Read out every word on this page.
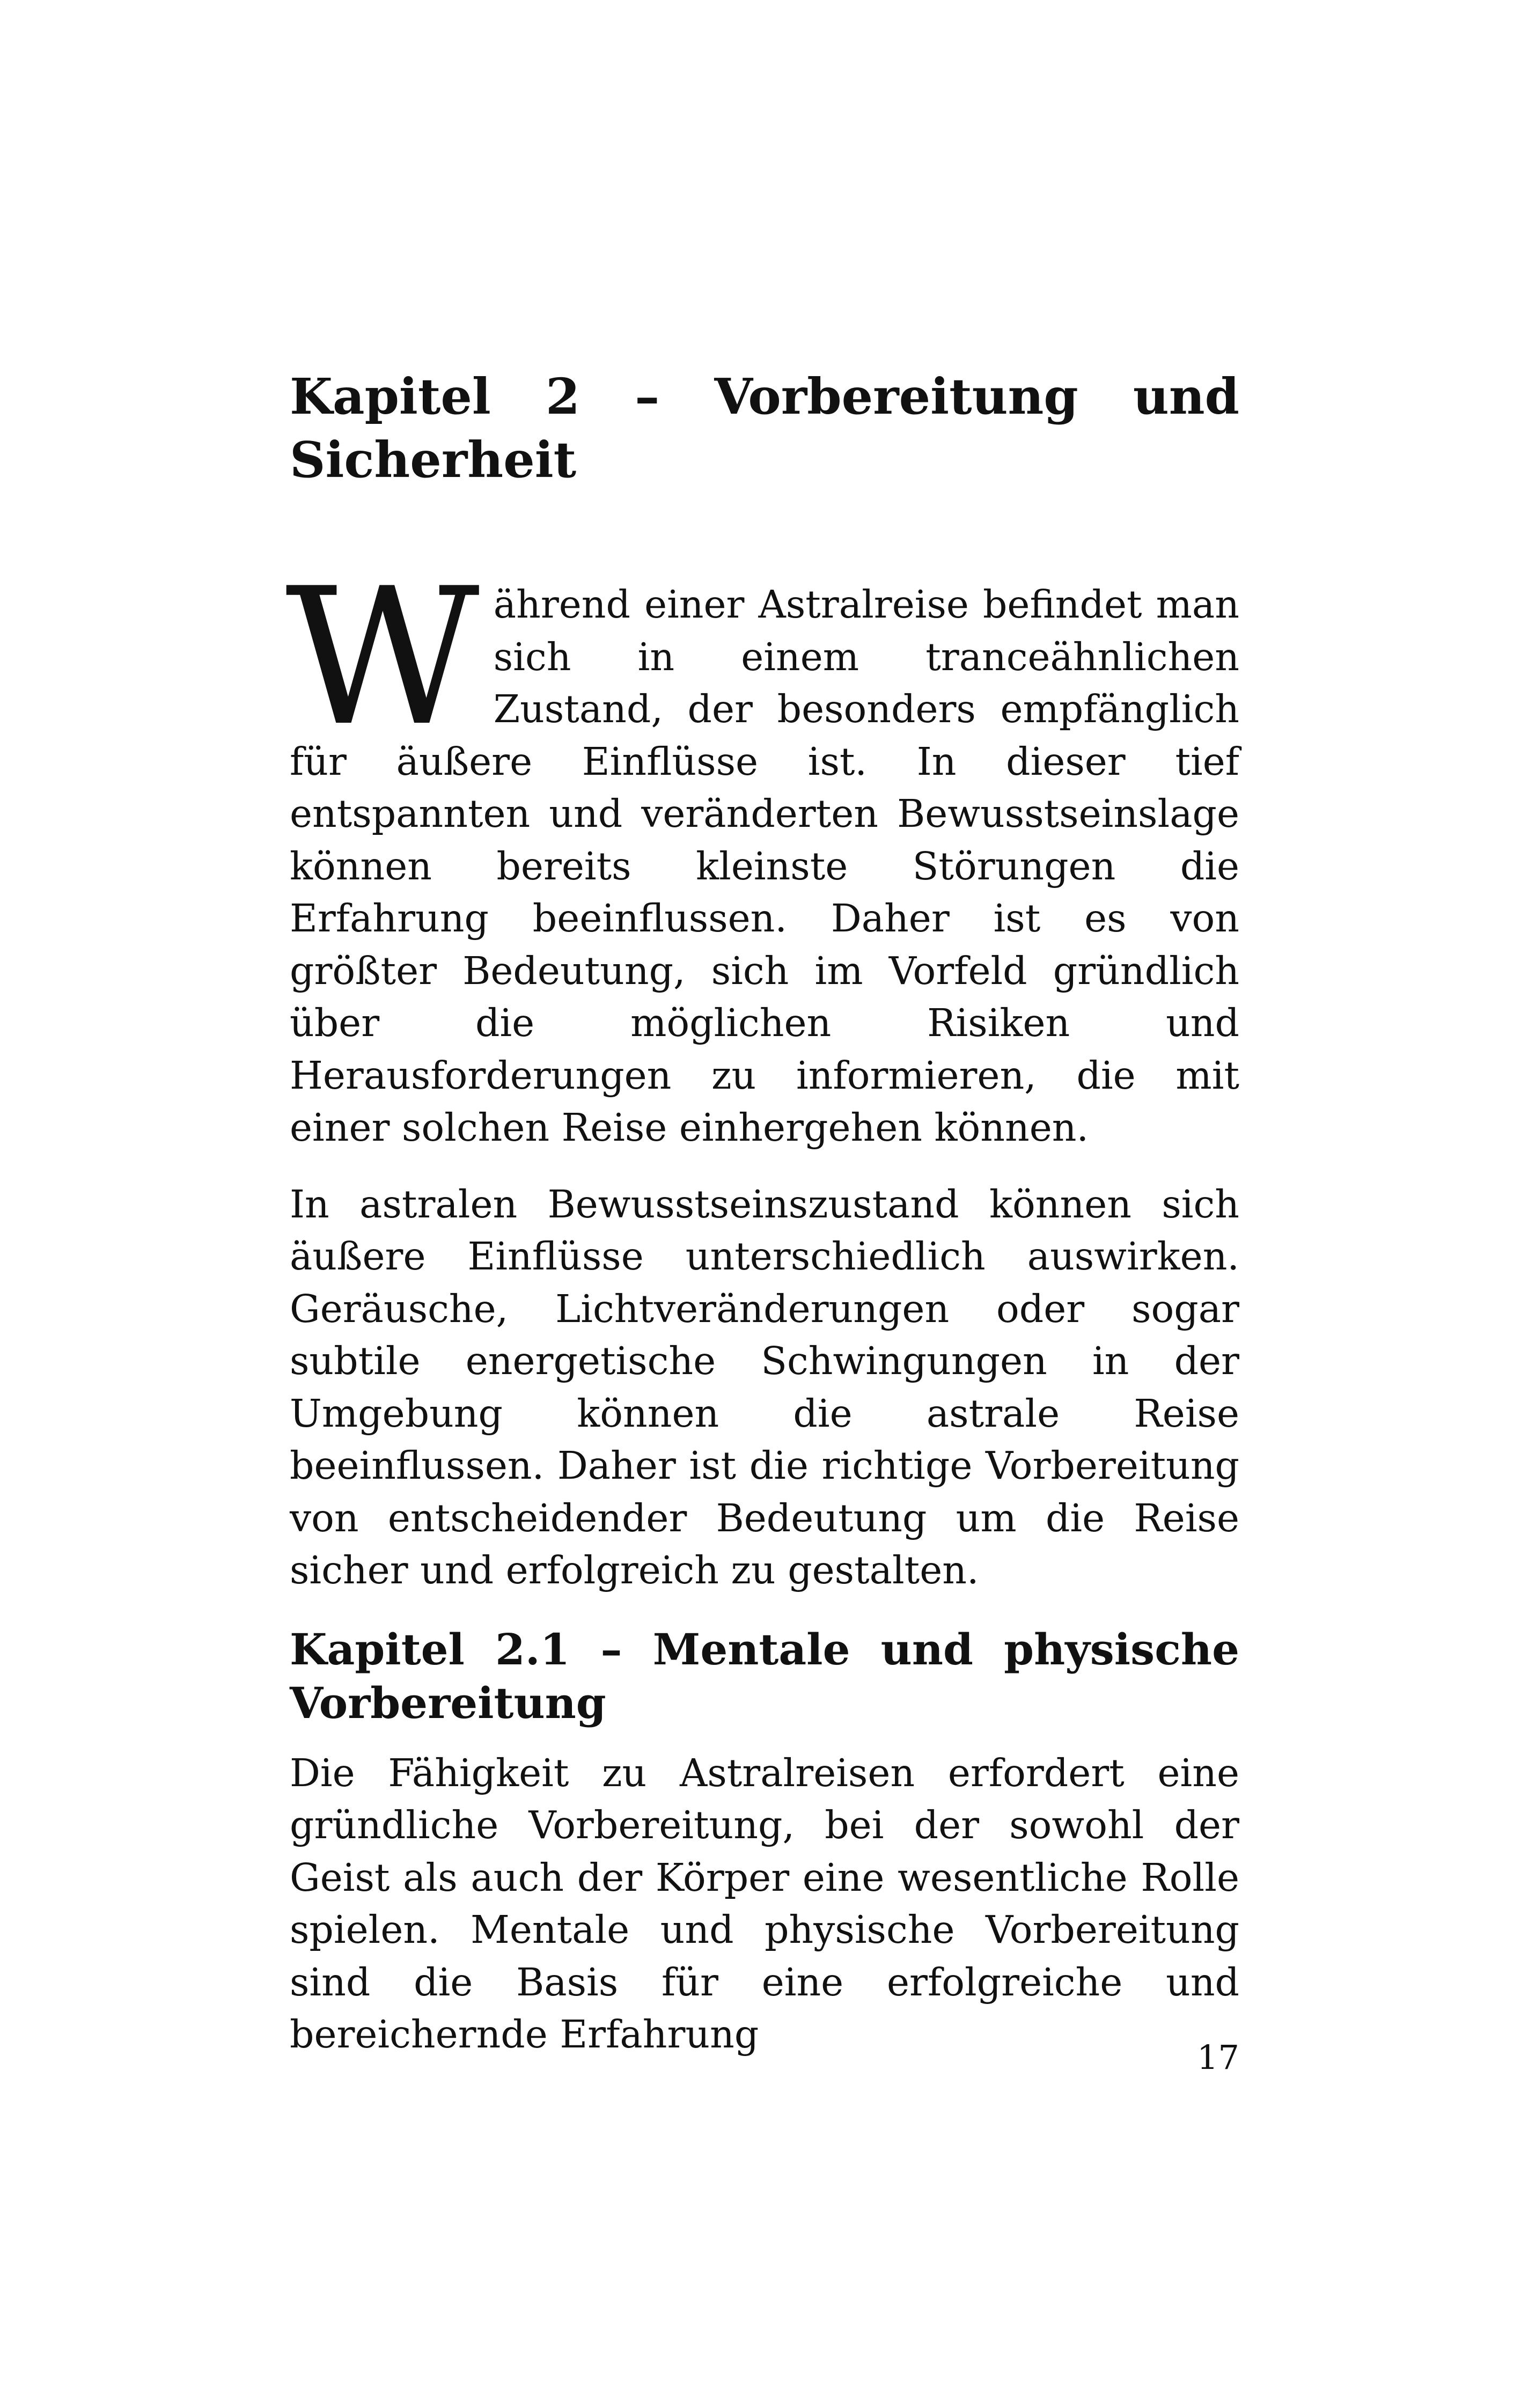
Kapitel 2 – Vorbereitung und
Sicherheit

Während einer Astralreise befindet man sich in einem tranceähnlichen Zustand, der besonders empfänglich für äußere Einflüsse ist. In dieser tief entspannten und veränderten Bewusstseinslage können bereits kleinste Störungen die Erfahrung beeinflussen. Daher ist es von größter Bedeutung, sich im Vorfeld gründlich über die möglichen Risiken und Herausforderungen zu informieren, die mit einer solchen Reise einhergehen können.

In astralen Bewusstseinszustand können sich äußere Einflüsse unterschiedlich auswirken. Geräusche, Lichtveränderungen oder sogar subtile energetische Schwingungen in der Umgebung können die astrale Reise beeinflussen. Daher ist die richtige Vorbereitung von entscheidender Bedeutung um die Reise sicher und erfolgreich zu gestalten.

Kapitel 2.1 – Mentale und physische
Vorbereitung

Die Fähigkeit zu Astralreisen erfordert eine gründliche Vorbereitung, bei der sowohl der Geist als auch der Körper eine wesentliche Rolle spielen. Mentale und physische Vorbereitung sind die Basis für eine erfolgreiche und bereichernde Erfahrung

17
